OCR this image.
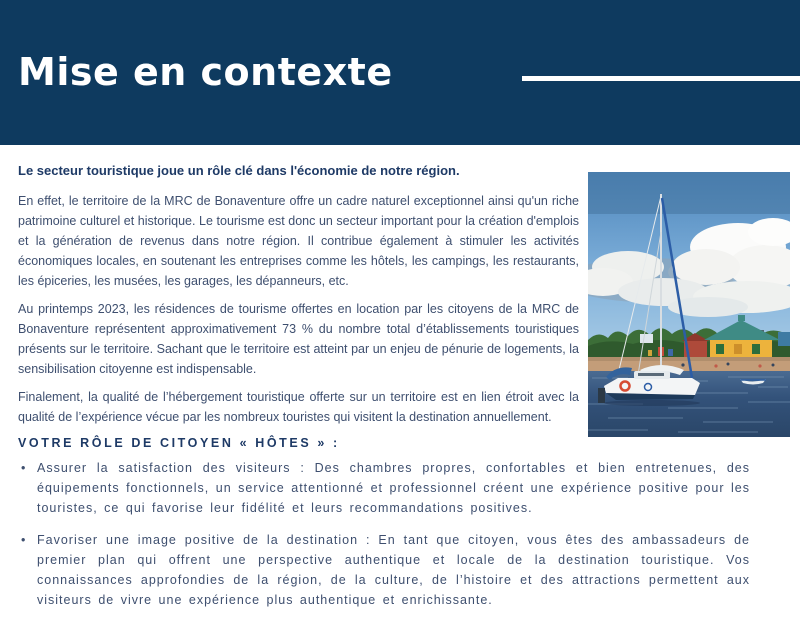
Mise en contexte

Le secteur touristique joue un rôle clé dans l'économie de notre région.

En effet, le territoire de la MRC de Bonaventure offre un cadre naturel exceptionnel ainsi qu'un riche patrimoine culturel et historique. Le tourisme est donc un secteur important pour la création d'emplois et la génération de revenus dans notre région. Il contribue également à stimuler les activités économiques locales, en soutenant les entreprises comme les hôtels, les campings, les restaurants, les épiceries, les musées, les garages, les dépanneurs, etc.

Au printemps 2023, les résidences de tourisme offertes en location par les citoyens de la MRC de Bonaventure représentent approximativement 73 % du nombre total d’établissements touristiques présents sur le territoire. Sachant que le territoire est atteint par un enjeu de pénurie de logements, la sensibilisation citoyenne est indispensable.

Finalement, la qualité de l’hébergement touristique offerte sur un territoire est en lien étroit avec la qualité de l’expérience vécue par les nombreux touristes qui visitent la destination annuellement.

VOTRE RÔLE DE CITOYEN « HÔTES » :
• Assurer la satisfaction des visiteurs : Des chambres propres, confortables et bien entretenues, des équipements fonctionnels, un service attentionné et professionnel créent une expérience positive pour les touristes, ce qui favorise leur fidélité et leurs recommandations positives.
• Favoriser une image positive de la destination : En tant que citoyen, vous êtes des ambassadeurs de premier plan qui offrent une perspective authentique et locale de la destination touristique. Vos connaissances approfondies de la région, de la culture, de l’histoire et des attractions permettent aux visiteurs de vivre une expérience plus authentique et enrichissante.
